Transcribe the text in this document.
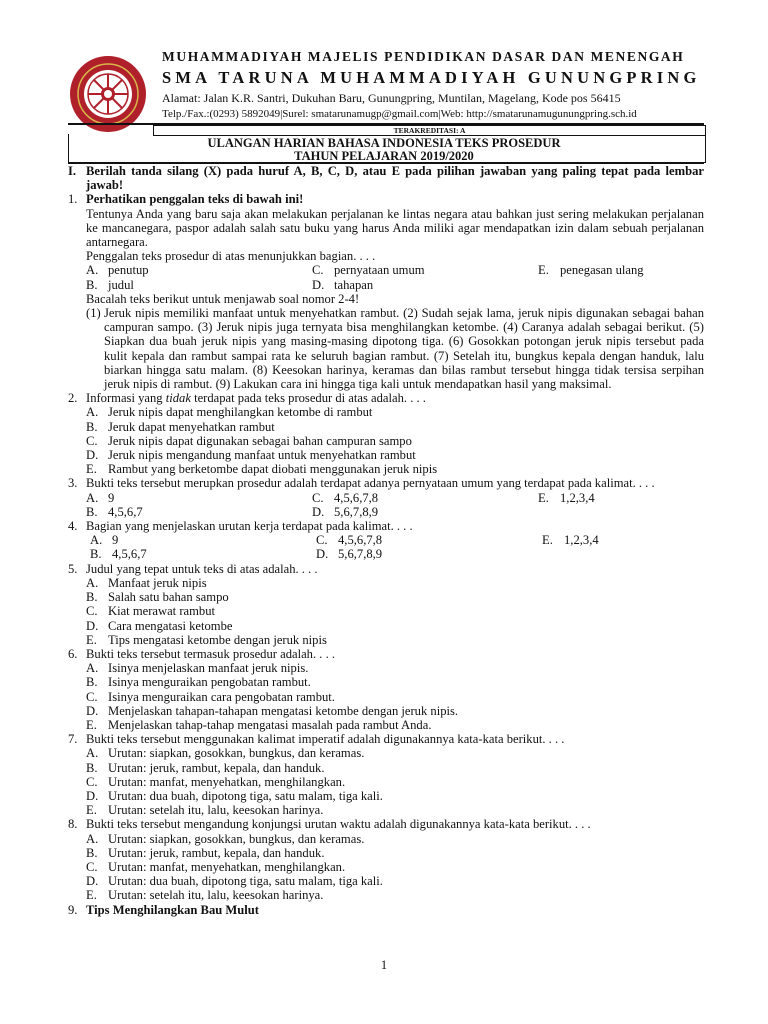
MUHAMMADIYAH MAJELIS PENDIDIKAN DASAR DAN MENENGAH
SMA TARUNA MUHAMMADIYAH GUNUNGPRING
Alamat: Jalan K.R. Santri, Dukuhan Baru, Gunungpring, Muntilan, Magelang, Kode pos 56415
Telp./Fax.:(0293) 5892049|Surel: smatarunamugp@gmail.com|Web: http://smatarunamugunungpring.sch.id
TERAKREDITASI: A
ULANGAN HARIAN BAHASA INDONESIA TEKS PROSEDUR
TAHUN PELAJARAN 2019/2020
I. Berilah tanda silang (X) pada huruf A, B, C, D, atau E pada pilihan jawaban yang paling tepat pada lembar jawab!
1. Perhatikan penggalan teks di bawah ini!
Tentunya Anda yang baru saja akan melakukan perjalanan ke lintas negara atau bahkan just sering melakukan perjalanan ke mancanegara, paspor adalah salah satu buku yang harus Anda miliki agar mendapatkan izin dalam sebuah perjalanan antarnegara.
Penggalan teks prosedur di atas menunjukkan bagian. . . .
A. penutup	C. pernyataan umum	E. penegasan ulang
B. judul	D. tahapan
Bacalah teks berikut untuk menjawab soal nomor 2-4!
(1) Jeruk nipis memiliki manfaat untuk menyehatkan rambut. (2) Sudah sejak lama, jeruk nipis digunakan sebagai bahan campuran sampo. (3) Jeruk nipis juga ternyata bisa menghilangkan ketombe. (4) Caranya adalah sebagai berikut. (5) Siapkan dua buah jeruk nipis yang masing-masing dipotong tiga. (6) Gosokkan potongan jeruk nipis tersebut pada kulit kepala dan rambut sampai rata ke seluruh bagian rambut. (7) Setelah itu, bungkus kepala dengan handuk, lalu biarkan hingga satu malam. (8) Keesokan harinya, keramas dan bilas rambut tersebut hingga tidak tersisa serpihan jeruk nipis di rambut. (9) Lakukan cara ini hingga tiga kali untuk mendapatkan hasil yang maksimal.
2. Informasi yang tidak terdapat pada teks prosedur di atas adalah. . . .
A. Jeruk nipis dapat menghilangkan ketombe di rambut
B. Jeruk dapat menyehatkan rambut
C. Jeruk nipis dapat digunakan sebagai bahan campuran sampo
D. Jeruk nipis mengandung manfaat untuk menyehatkan rambut
E. Rambut yang berketombe dapat diobati menggunakan jeruk nipis
3. Bukti teks tersebut merupkan prosedur adalah terdapat adanya pernyataan umum yang terdapat pada kalimat. . . .
A. 9	C. 4,5,6,7,8	E. 1,2,3,4
B. 4,5,6,7	D. 5,6,7,8,9
4. Bagian yang menjelaskan urutan kerja terdapat pada kalimat. . . .
A. 9	C. 4,5,6,7,8	E. 1,2,3,4
B. 4,5,6,7	D. 5,6,7,8,9
5. Judul yang tepat untuk teks di atas adalah. . . .
A. Manfaat jeruk nipis
B. Salah satu bahan sampo
C. Kiat merawat rambut
D. Cara mengatasi ketombe
E. Tips mengatasi ketombe dengan jeruk nipis
6. Bukti teks tersebut termasuk prosedur adalah. . . .
A. Isinya menjelaskan manfaat jeruk nipis.
B. Isinya menguraikan pengobatan rambut.
C. Isinya menguraikan cara pengobatan rambut.
D. Menjelaskan tahapan-tahapan mengatasi ketombe dengan jeruk nipis.
E. Menjelaskan tahap-tahap mengatasi masalah pada rambut Anda.
7. Bukti teks tersebut menggunakan kalimat imperatif adalah digunakannya kata-kata berikut. . . .
A. Urutan: siapkan, gosokkan, bungkus, dan keramas.
B. Urutan: jeruk, rambut, kepala, dan handuk.
C. Urutan: manfat, menyehatkan, menghilangkan.
D. Urutan: dua buah, dipotong tiga, satu malam, tiga kali.
E. Urutan: setelah itu, lalu, keesokan harinya.
8. Bukti teks tersebut mengandung konjungsi urutan waktu adalah digunakannya kata-kata berikut. . . .
A. Urutan: siapkan, gosokkan, bungkus, dan keramas.
B. Urutan: jeruk, rambut, kepala, dan handuk.
C. Urutan: manfat, menyehatkan, menghilangkan.
D. Urutan: dua buah, dipotong tiga, satu malam, tiga kali.
E. Urutan: setelah itu, lalu, keesokan harinya.
9. Tips Menghilangkan Bau Mulut
1
